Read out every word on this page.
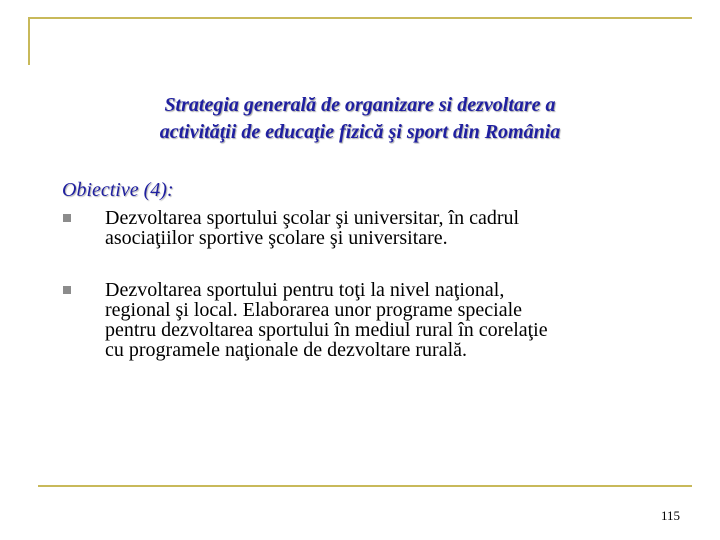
Strategia generală de organizare si dezvoltare a
activităţii de educaţie fizică şi sport din România

Obiective (4):

Dezvoltarea sportului şcolar şi universitar, în cadrul
asociaţiilor sportive şcolare şi universitare.
Dezvoltarea sportului pentru toţi la nivel naţional,
regional şi local. Elaborarea unor programe speciale
pentru dezvoltarea sportului în mediul rural în corelaţie
cu programele naţionale de dezvoltare rurală.
115
